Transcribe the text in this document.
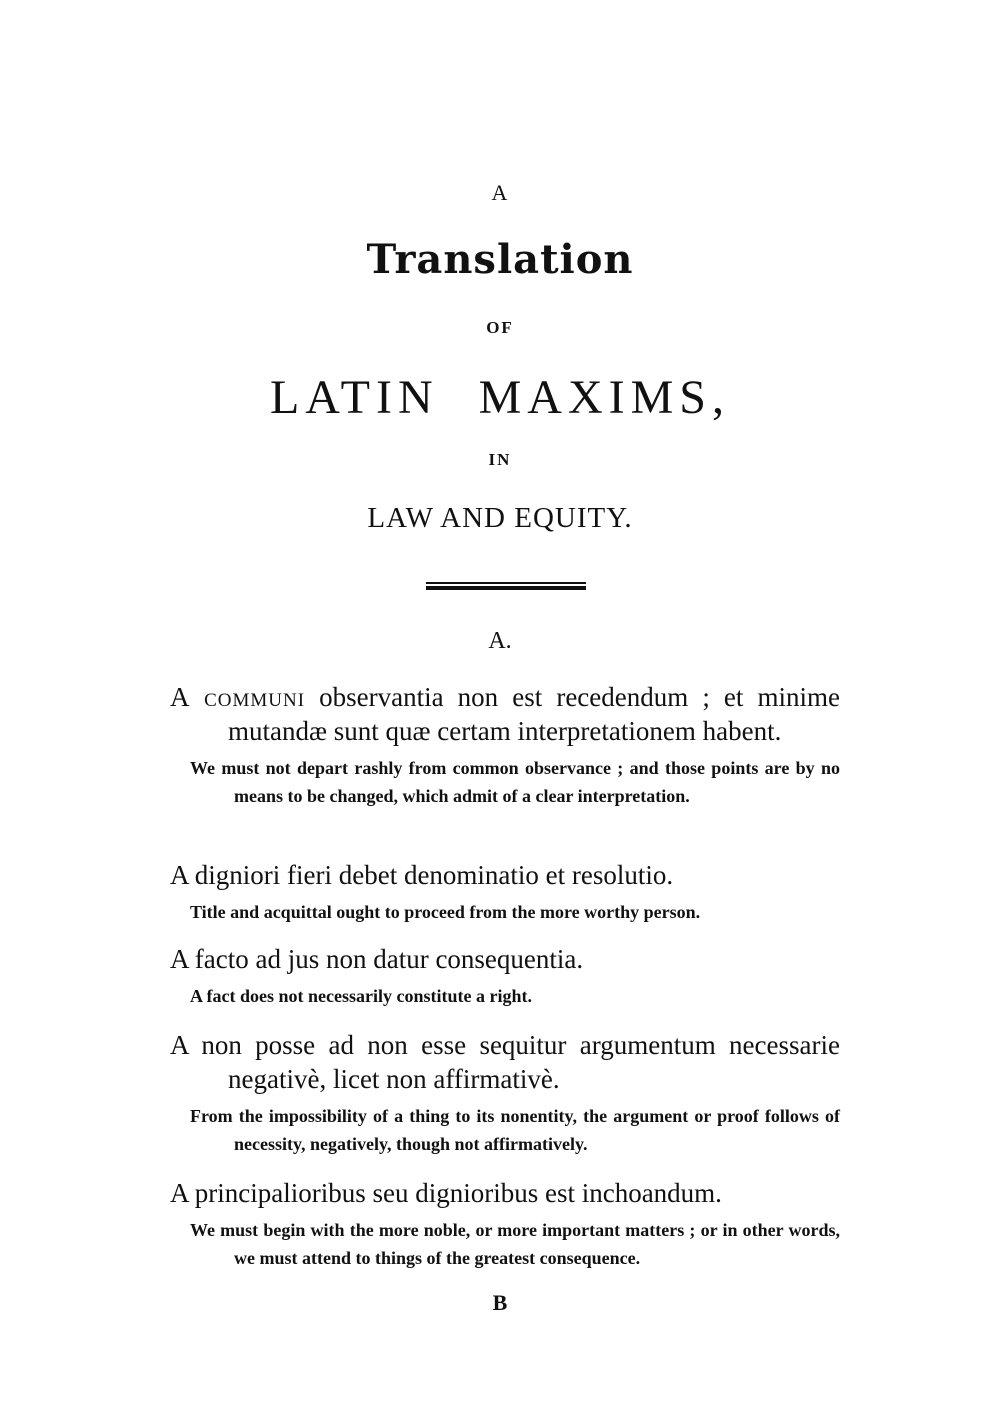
A
Translation
OF
LATIN MAXIMS,
IN
LAW AND EQUITY.
A.

A communi observantia non est recedendum ; et minime mutandæ sunt quæ certam interpretationem habent.

We must not depart rashly from common observance ; and those points are by no means to be changed, which admit of a clear interpretation.

A digniori fieri debet denominatio et resolutio.

Title and acquittal ought to proceed from the more worthy person.

A facto ad jus non datur consequentia.

A fact does not necessarily constitute a right.

A non posse ad non esse sequitur argumentum necessarie negativè, licet non affirmativè.

From the impossibility of a thing to its nonentity, the argument or proof follows of necessity, negatively, though not affirmatively.

A principalioribus seu dignioribus est inchoandum.

We must begin with the more noble, or more important matters ; or in other words, we must attend to things of the greatest consequence.

B
